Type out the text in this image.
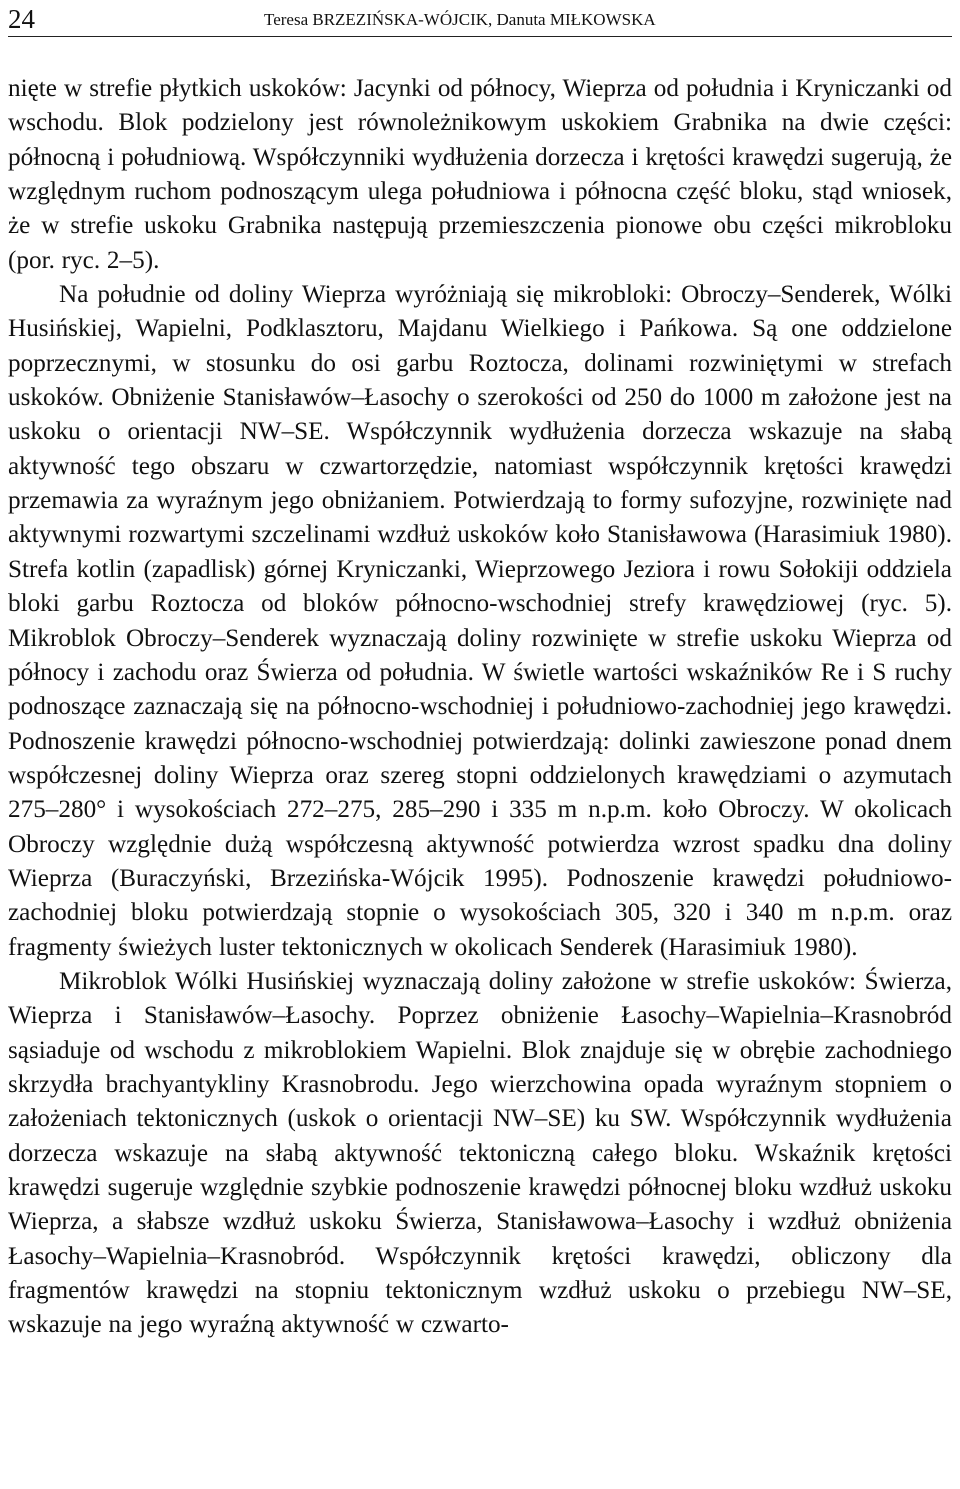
24	Teresa BRZEZIŃSKA-WÓJCIK, Danuta MIŁKOWSKA

nięte w strefie płytkich uskoków: Jacynki od północy, Wieprza od południa i Kryniczanki od wschodu. Blok podzielony jest równoleżnikowym uskokiem Grabnika na dwie części: północną i południową. Współczynniki wydłużenia dorzecza i krętości krawędzi sugerują, że względnym ruchom podnoszącym ulega południowa i północna część bloku, stąd wniosek, że w strefie uskoku Grabnika następują przemieszczenia pionowe obu części mikrobloku (por. ryc. 2–5).

Na południe od doliny Wieprza wyróżniają się mikrobloki: Obroczy–Senderek, Wólki Husińskiej, Wapielni, Podklasztoru, Majdanu Wielkiego i Pańkowa. Są one oddzielone poprzecznymi, w stosunku do osi garbu Roztocza, dolinami rozwiniętymi w strefach uskoków. Obniżenie Stanisławów–Łasochy o szerokości od 250 do 1000 m założone jest na uskoku o orientacji NW–SE. Współczynnik wydłużenia dorzecza wskazuje na słabą aktywność tego obszaru w czwartorzędzie, natomiast współczynnik krętości krawędzi przemawia za wyraźnym jego obniżaniem. Potwierdzają to formy sufozyjne, rozwinięte nad aktywnymi rozwartymi szczelinami wzdłuż uskoków koło Stanisławowa (Harasimiuk 1980). Strefa kotlin (zapadlisk) górnej Kryniczanki, Wieprzowego Jeziora i rowu Sołokiji oddziela bloki garbu Roztocza od bloków północno-wschodniej strefy krawędziowej (ryc. 5). Mikroblok Obroczy–Senderek wyznaczają doliny rozwinięte w strefie uskoku Wieprza od północy i zachodu oraz Świerza od południa. W świetle wartości wskaźników Re i S ruchy podnoszące zaznaczają się na północno-wschodniej i południowo-zachodniej jego krawędzi. Podnoszenie krawędzi północno-wschodniej potwierdzają: dolinki zawieszone ponad dnem współczesnej doliny Wieprza oraz szereg stopni oddzielonych krawędziami o azymutach 275–280° i wysokościach 272–275, 285–290 i 335 m n.p.m. koło Obroczy. W okolicach Obroczy względnie dużą współczesną aktywność potwierdza wzrost spadku dna doliny Wieprza (Buraczyński, Brzezińska-Wójcik 1995). Podnoszenie krawędzi południowo-zachodniej bloku potwierdzają stopnie o wysokościach 305, 320 i 340 m n.p.m. oraz fragmenty świeżych luster tektonicznych w okolicach Senderek (Harasimiuk 1980).

Mikroblok Wólki Husińskiej wyznaczają doliny założone w strefie uskoków: Świerza, Wieprza i Stanisławów–Łasochy. Poprzez obniżenie Łasochy–Wapielnia–Krasnobród sąsiaduje od wschodu z mikroblokiem Wapielni. Blok znajduje się w obrębie zachodniego skrzydła brachyantykliny Krasnobrodu. Jego wierzchowina opada wyraźnym stopniem o założeniach tektonicznych (uskok o orientacji NW–SE) ku SW. Współczynnik wydłużenia dorzecza wskazuje na słabą aktywność tektoniczną całego bloku. Wskaźnik krętości krawędzi sugeruje względnie szybkie podnoszenie krawędzi północnej bloku wzdłuż uskoku Wieprza, a słabsze wzdłuż uskoku Świerza, Stanisławowa–Łasochy i wzdłuż obniżenia Łasochy–Wapielnia–Krasnobród. Współczynnik krętości krawędzi, obliczony dla fragmentów krawędzi na stopniu tektonicznym wzdłuż uskoku o przebiegu NW–SE, wskazuje na jego wyraźną aktywność w czwarto-
